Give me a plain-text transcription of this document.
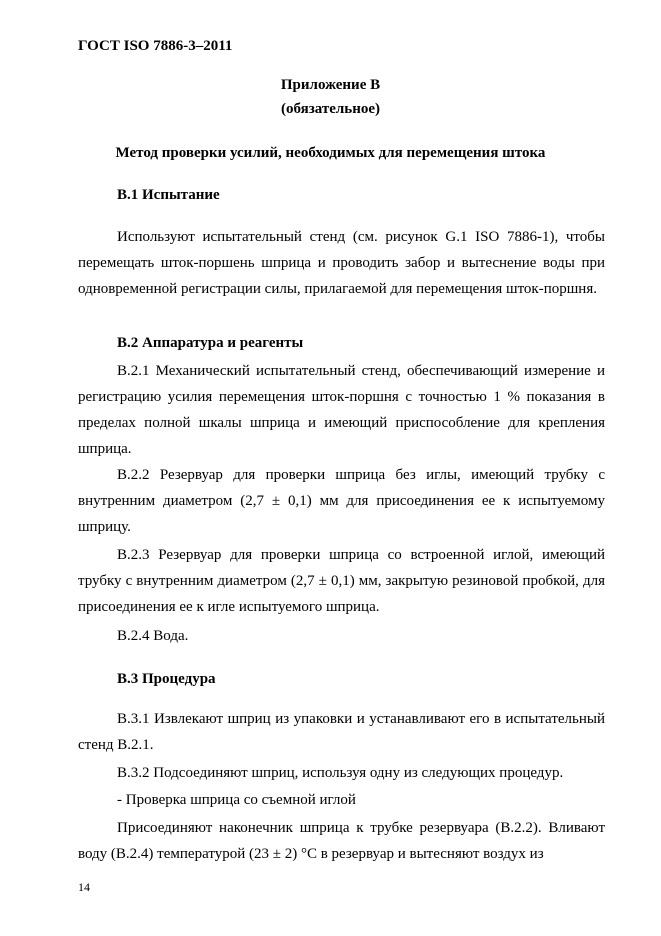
ГОСТ ISO 7886-3–2011
Приложение В
(обязательное)
Метод проверки усилий, необходимых для перемещения штока
В.1 Испытание
Используют испытательный стенд (см. рисунок G.1 ISO 7886-1), чтобы перемещать шток-поршень шприца и проводить забор и вытеснение воды при одновременной регистрации силы, прилагаемой для перемещения шток-поршня.
В.2 Аппаратура и реагенты
В.2.1 Механический испытательный стенд, обеспечивающий измерение и регистрацию усилия перемещения шток-поршня с точностью 1 % показания в пределах полной шкалы шприца и имеющий приспособление для крепления шприца.
В.2.2 Резервуар для проверки шприца без иглы, имеющий трубку с внутренним диаметром (2,7 ± 0,1) мм для присоединения ее к испытуемому шприцу.
В.2.3 Резервуар для проверки шприца со встроенной иглой, имеющий трубку с внутренним диаметром (2,7 ± 0,1) мм, закрытую резиновой пробкой, для присоединения ее к игле испытуемого шприца.
В.2.4 Вода.
В.3 Процедура
В.3.1 Извлекают шприц из упаковки и устанавливают его в испытательный стенд В.2.1.
В.3.2 Подсоединяют шприц, используя одну из следующих процедур.
- Проверка шприца со съемной иглой
Присоединяют наконечник шприца к трубке резервуара (В.2.2). Вливают воду (В.2.4) температурой (23 ± 2) °С в резервуар и вытесняют воздух из
14
